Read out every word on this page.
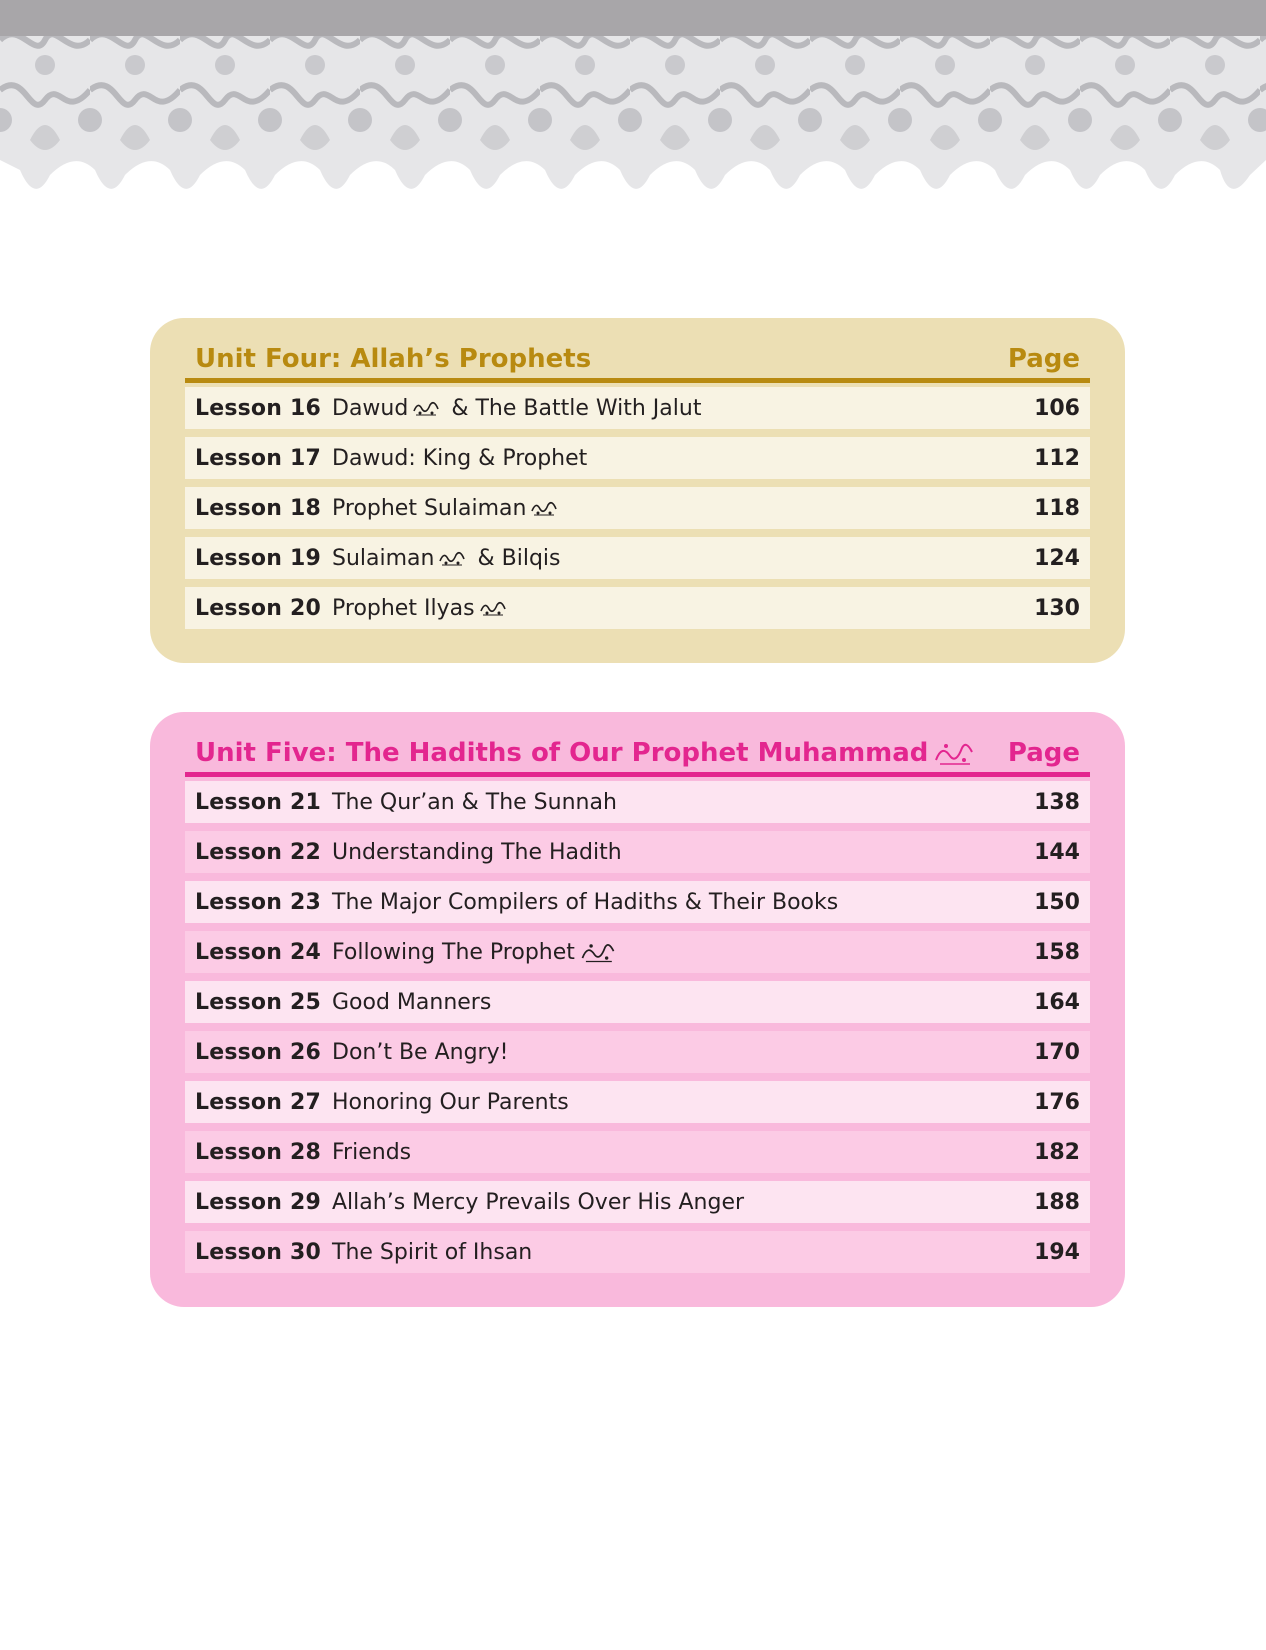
Unit Four: Allah’s Prophets	Page
Lesson 16 Dawud & The Battle With Jalut	106
Lesson 17 Dawud: King & Prophet	112
Lesson 18 Prophet Sulaiman	118
Lesson 19 Sulaiman & Bilqis	124
Lesson 20 Prophet Ilyas	130
Unit Five: The Hadiths of Our Prophet Muhammad	Page
Lesson 21 The Qur’an & The Sunnah	138
Lesson 22 Understanding The Hadith	144
Lesson 23 The Major Compilers of Hadiths & Their Books	150
Lesson 24 Following The Prophet	158
Lesson 25 Good Manners	164
Lesson 26 Don’t Be Angry!	170
Lesson 27 Honoring Our Parents	176
Lesson 28 Friends	182
Lesson 29 Allah’s Mercy Prevails Over His Anger	188
Lesson 30 The Spirit of Ihsan	194
